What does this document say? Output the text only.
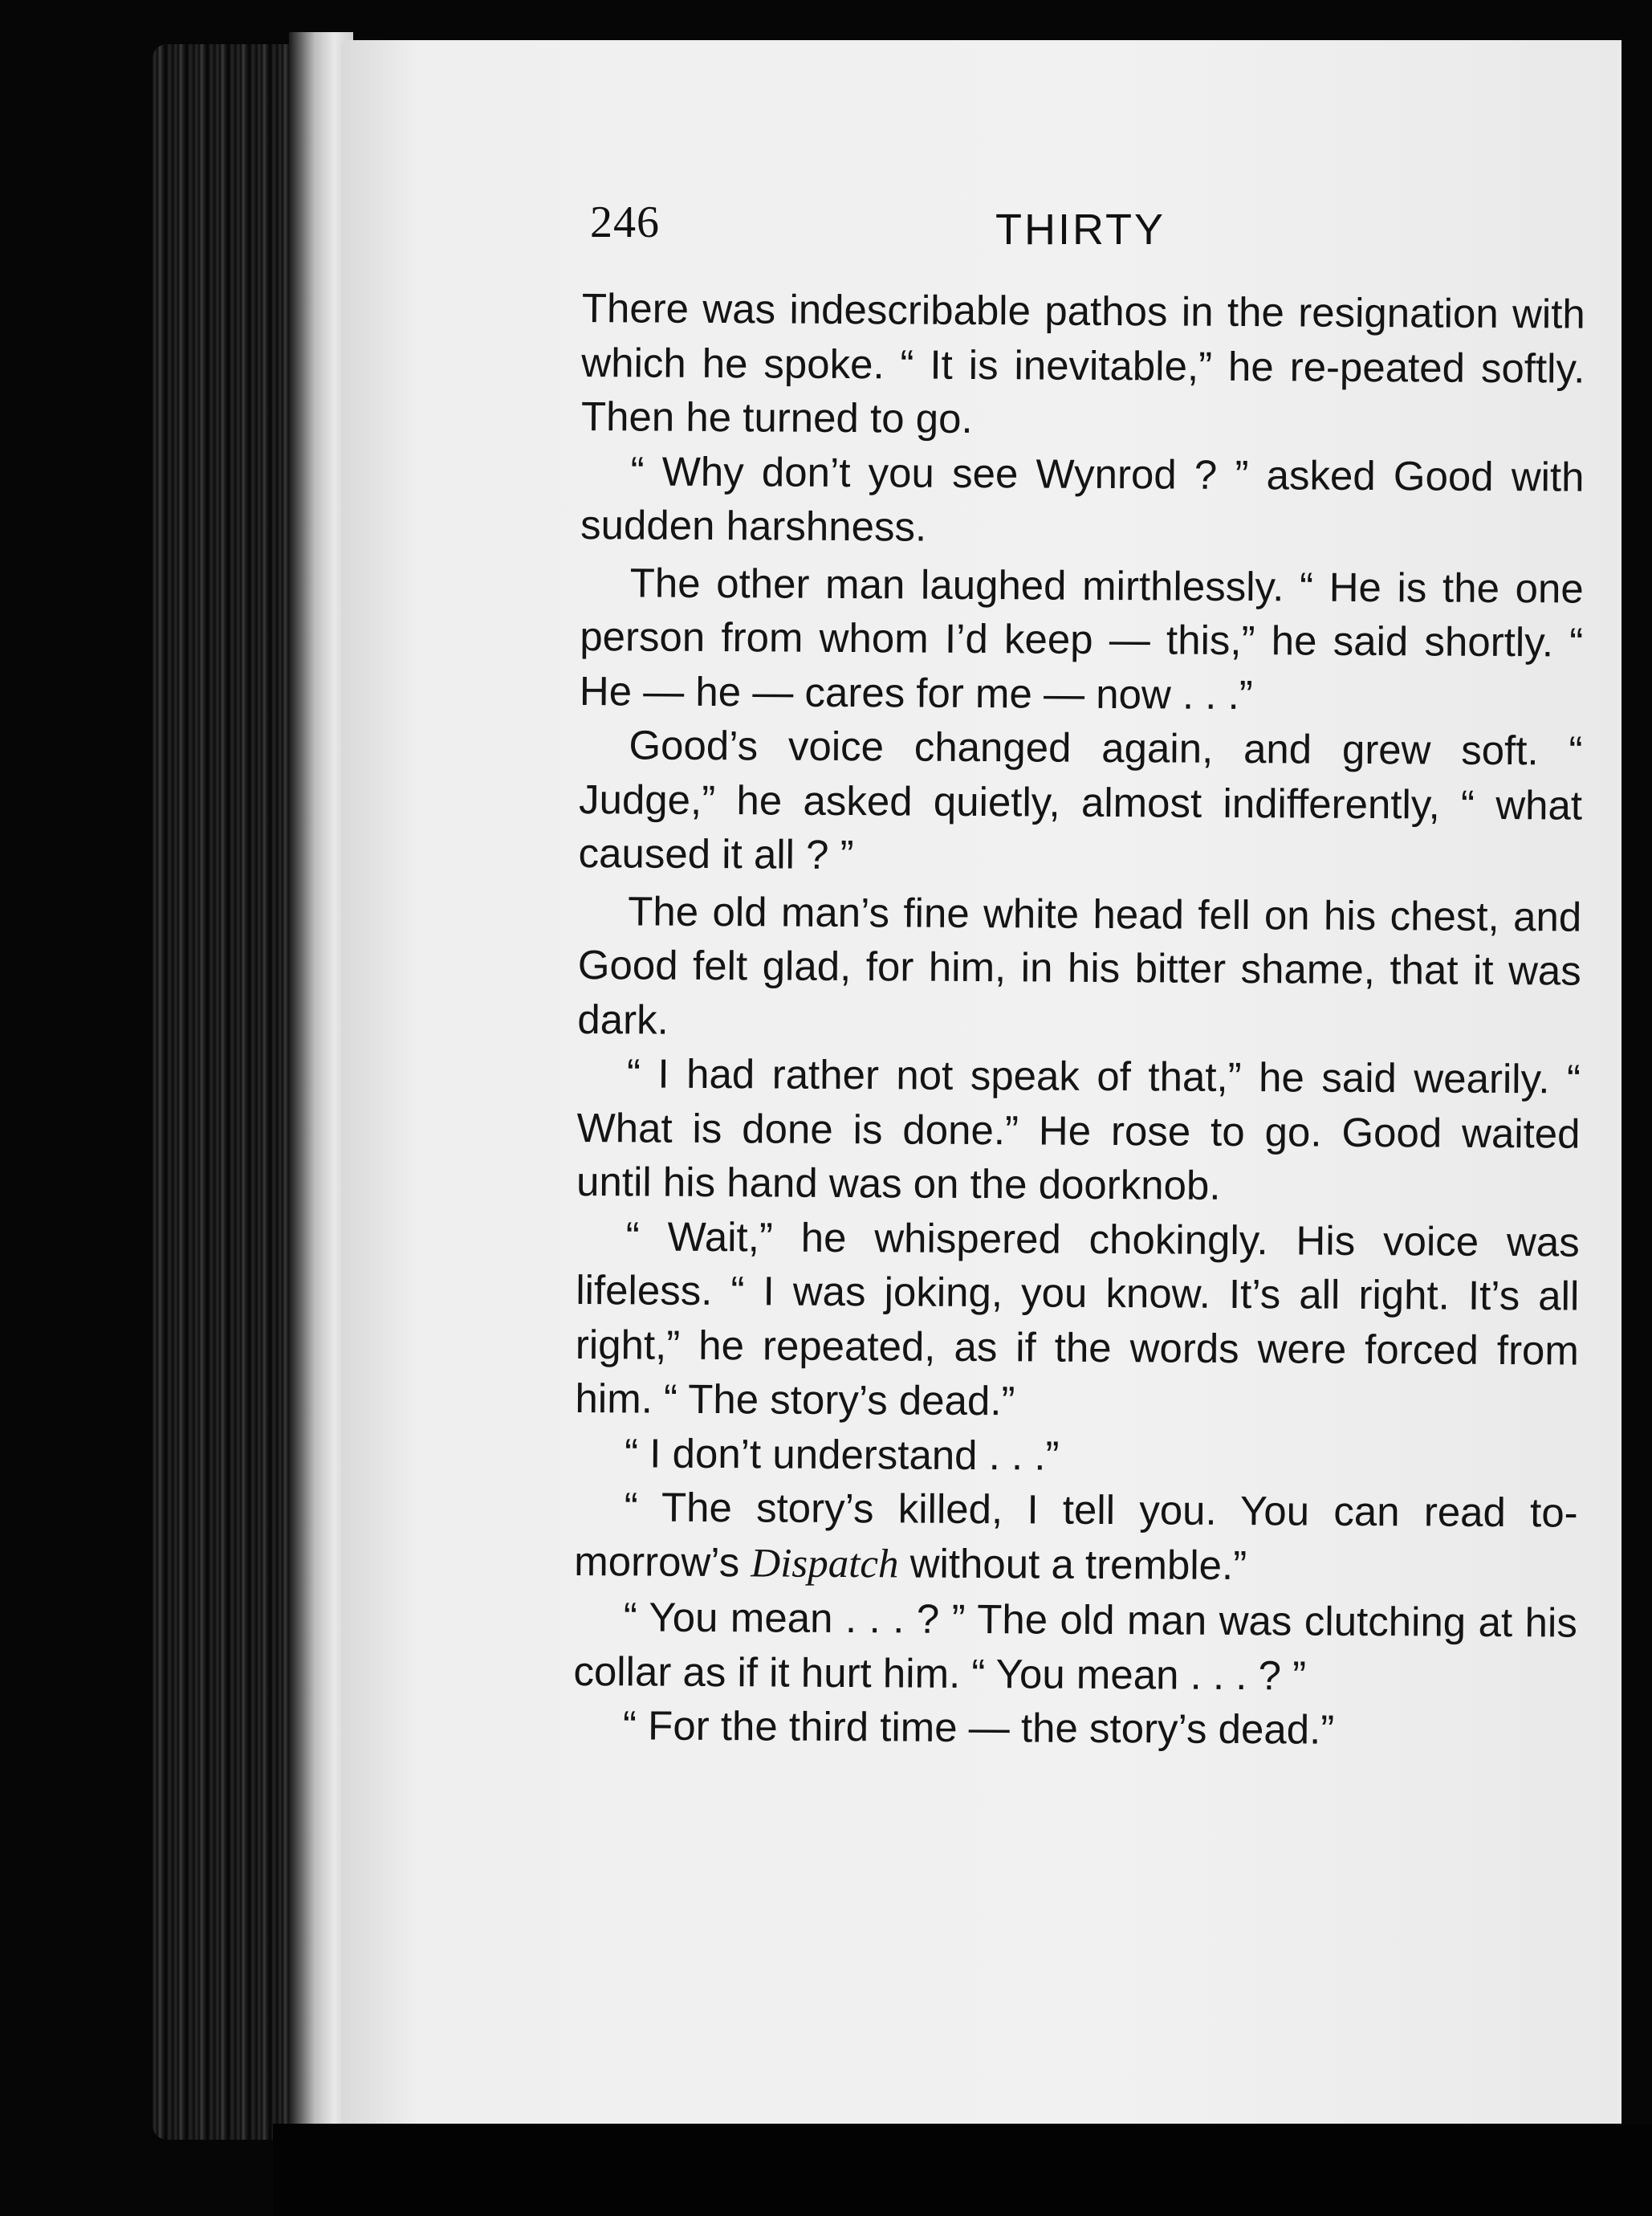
246	THIRTY

There was indescribable pathos in the resignation with which he spoke. “ It is inevitable,” he re-peated softly. Then he turned to go.

“ Why don’t you see Wynrod ? ” asked Good with sudden harshness.

The other man laughed mirthlessly. “ He is the one person from whom I’d keep — this,” he said shortly. “ He — he — cares for me — now . . .”

Good’s voice changed again, and grew soft. “ Judge,” he asked quietly, almost indifferently, “ what caused it all ? ”

The old man’s fine white head fell on his chest, and Good felt glad, for him, in his bitter shame, that it was dark.

“ I had rather not speak of that,” he said wearily. “ What is done is done.” He rose to go. Good waited until his hand was on the doorknob.

“ Wait,” he whispered chokingly. His voice was lifeless. “ I was joking, you know. It’s all right. It’s all right,” he repeated, as if the words were forced from him. “ The story’s dead.”

“ I don’t understand . . .”

“ The story’s killed, I tell you. You can read to-morrow’s Dispatch without a tremble.”

“ You mean . . . ? ” The old man was clutching at his collar as if it hurt him. “ You mean . . . ? ”

“ For the third time — the story’s dead.”
